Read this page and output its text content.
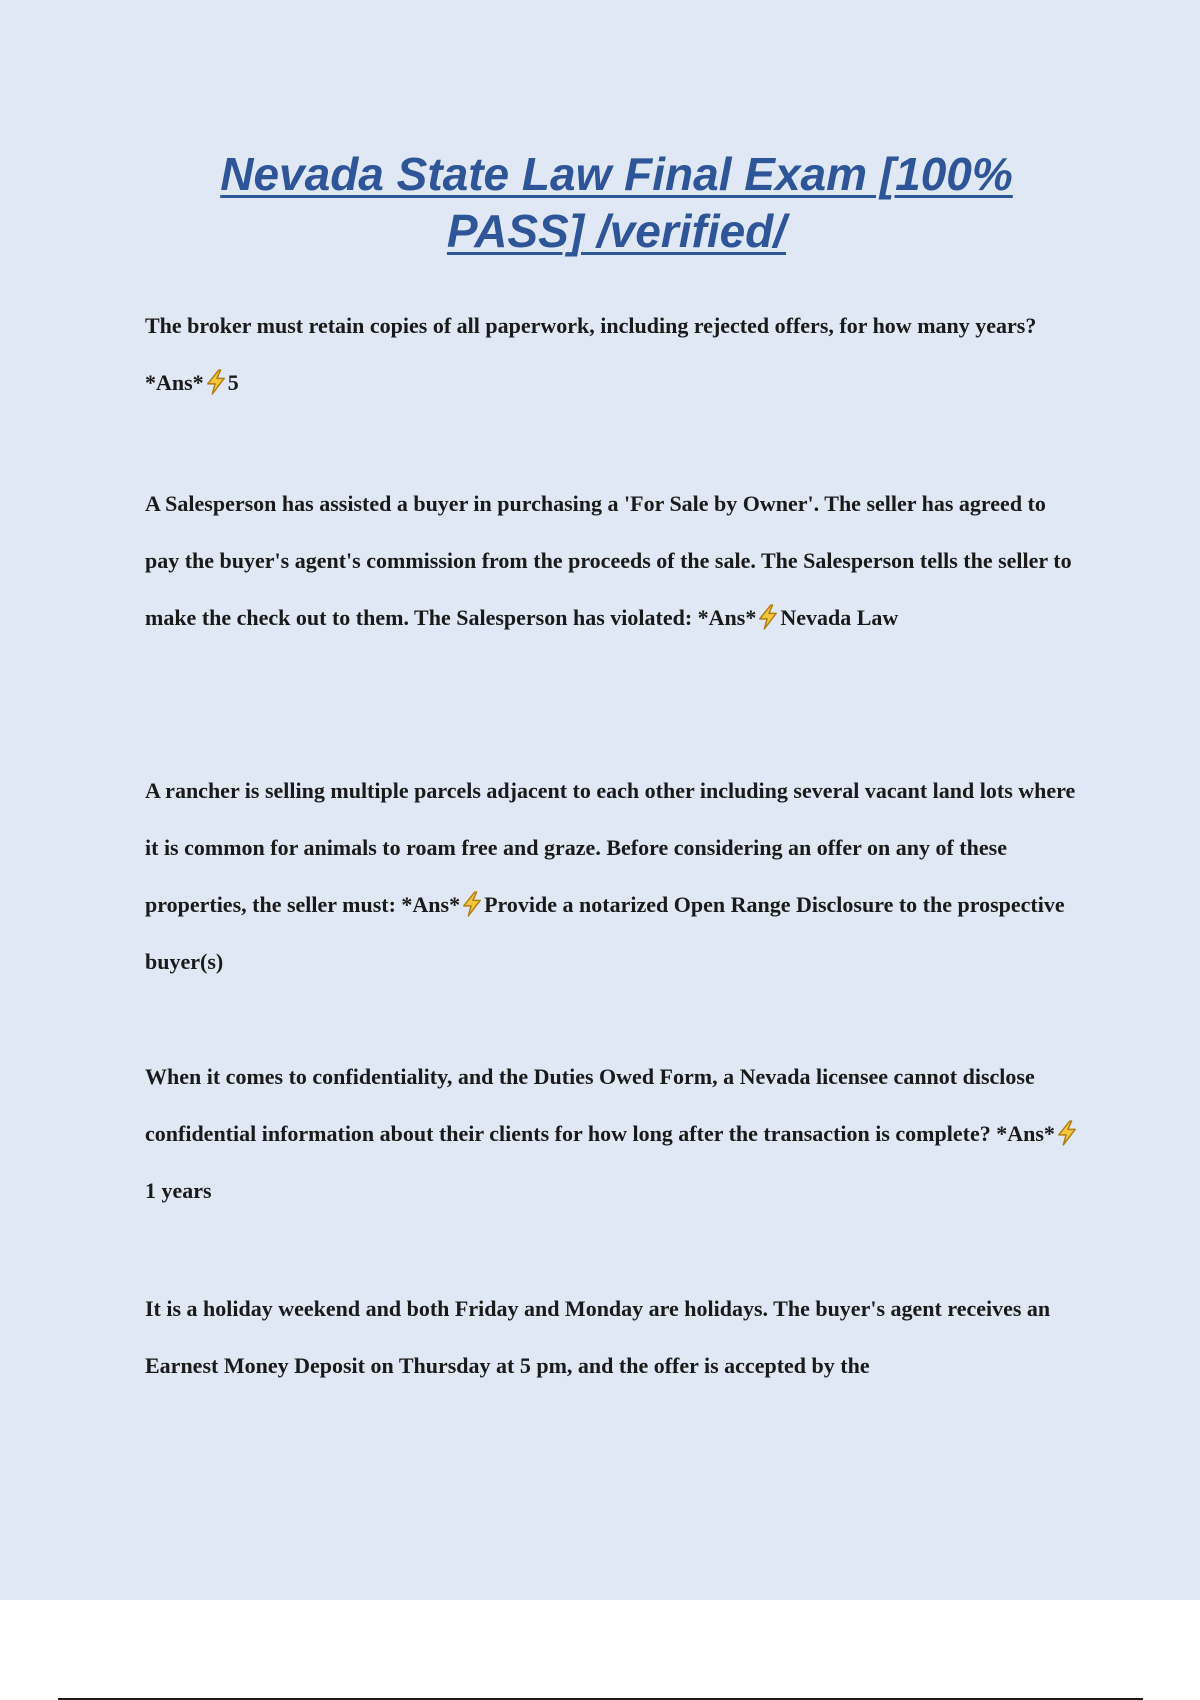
Nevada State Law Final Exam [100% PASS] /verified/

The broker must retain copies of all paperwork, including rejected offers, for how many years? *Ans* 5

A Salesperson has assisted a buyer in purchasing a 'For Sale by Owner'. The seller has agreed to pay the buyer's agent's commission from the proceeds of the sale. The Salesperson tells the seller to make the check out to them. The Salesperson has violated: *Ans* Nevada Law

A rancher is selling multiple parcels adjacent to each other including several vacant land lots where it is common for animals to roam free and graze. Before considering an offer on any of these properties, the seller must: *Ans* Provide a notarized Open Range Disclosure to the prospective buyer(s)

When it comes to confidentiality, and the Duties Owed Form, a Nevada licensee cannot disclose confidential information about their clients for how long after the transaction is complete? *Ans*1 years

It is a holiday weekend and both Friday and Monday are holidays. The buyer's agent receives an Earnest Money Deposit on Thursday at 5 pm, and the offer is accepted by the
